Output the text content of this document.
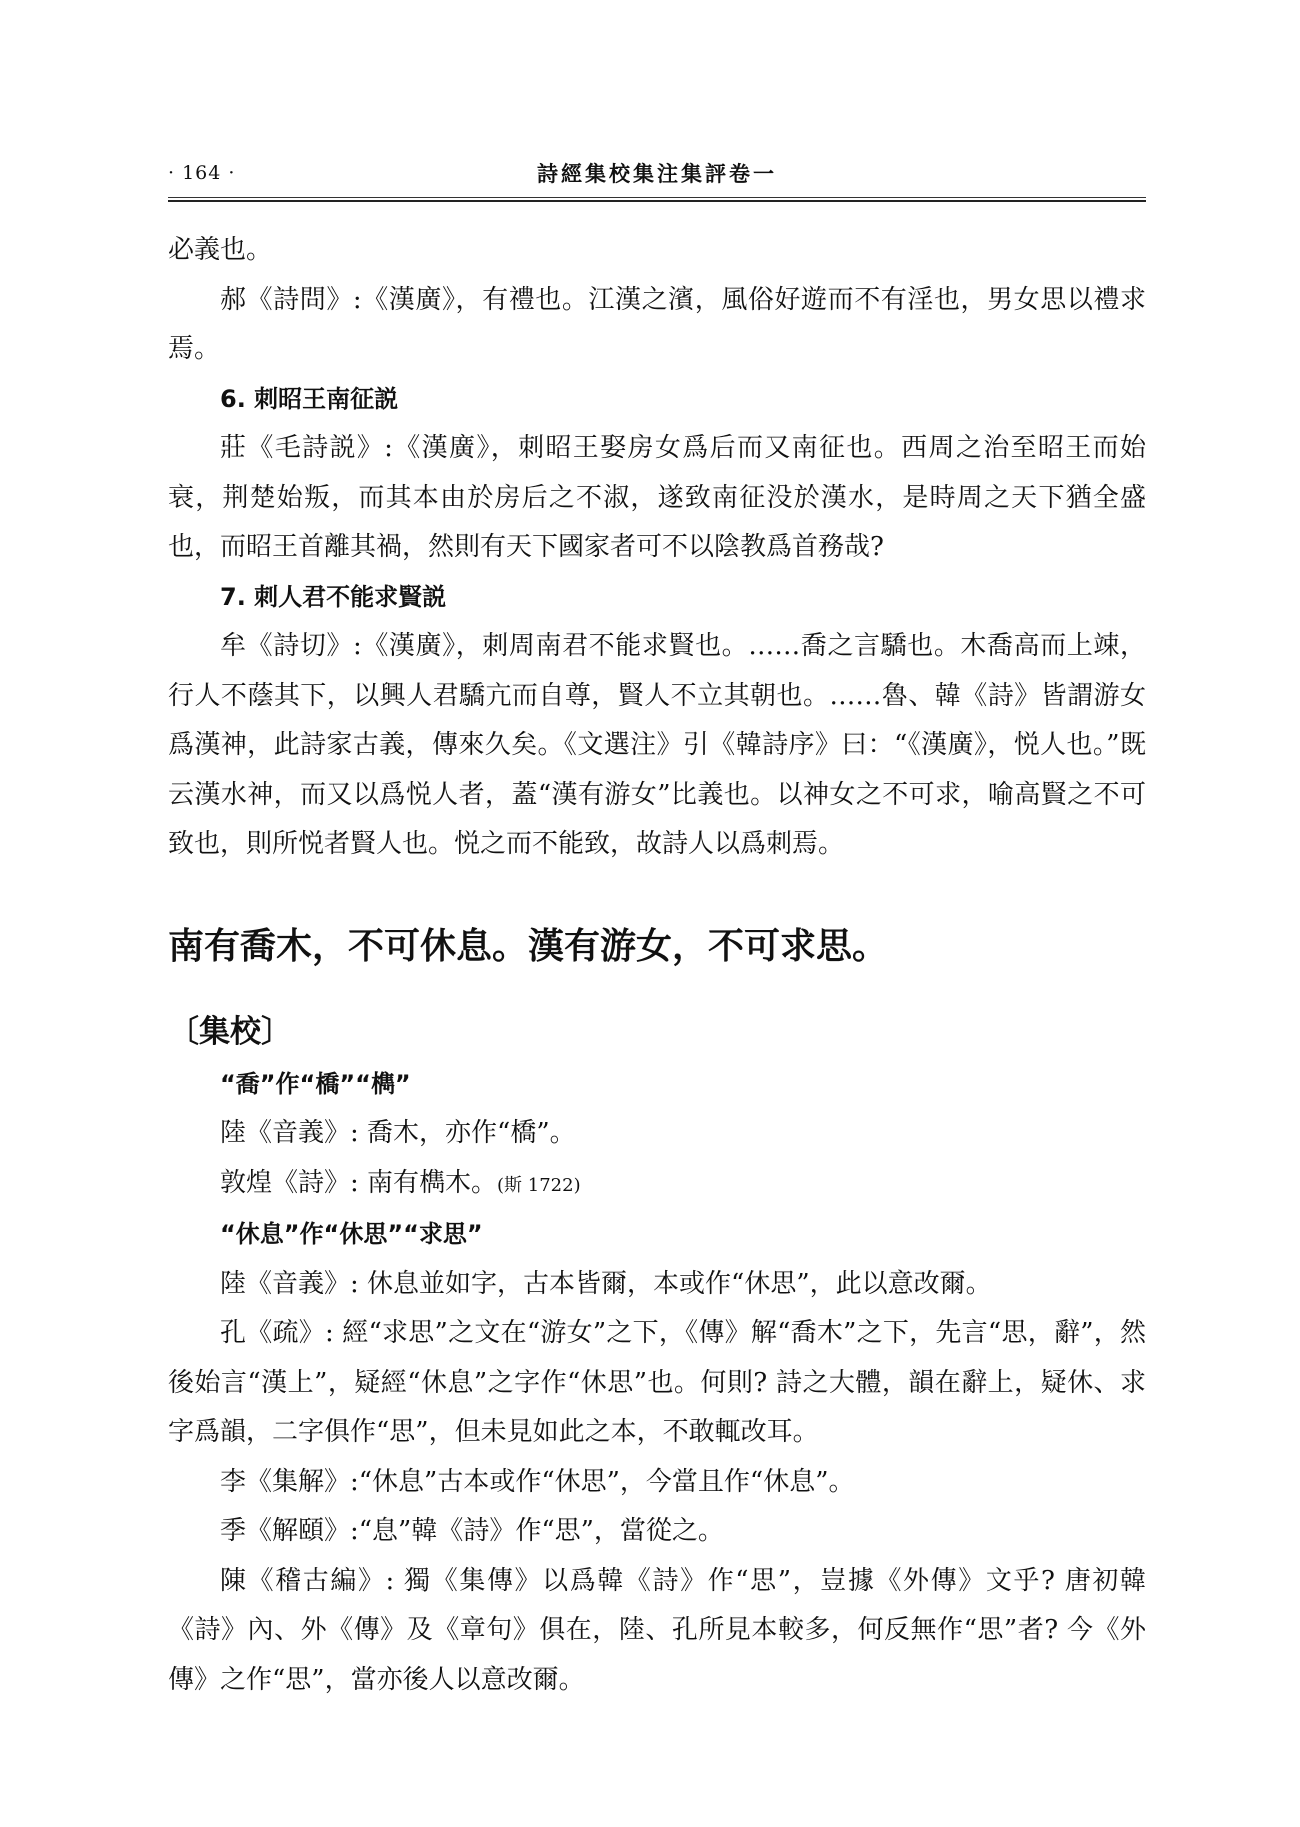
· 164 ·	詩經集校集注集評卷一

必義也。

郝《詩問》:《漢廣》，有禮也。江漢之濱，風俗好遊而不有淫也，男女思以禮求焉。

6. 刺昭王南征説

莊《毛詩説》:《漢廣》，刺昭王娶房女爲后而又南征也。西周之治至昭王而始衰，荆楚始叛，而其本由於房后之不淑，遂致南征没於漢水，是時周之天下猶全盛也，而昭王首離其禍，然則有天下國家者可不以陰教爲首務哉?

7. 刺人君不能求賢説

牟《詩切》:《漢廣》，刺周南君不能求賢也。……喬之言驕也。木喬高而上竦，行人不蔭其下，以興人君驕亢而自尊，賢人不立其朝也。……魯、韓《詩》皆謂游女爲漢神，此詩家古義，傳來久矣。《文選注》引《韓詩序》曰：“《漢廣》，悦人也。”既云漢水神，而又以爲悦人者，蓋“漢有游女”比義也。以神女之不可求，喻高賢之不可致也，則所悦者賢人也。悦之而不能致，故詩人以爲刺焉。

南有喬木，不可休息。漢有游女，不可求思。

〔集校〕

“喬”作“橋”“檇”

陸《音義》: 喬木，亦作“橋”。

敦煌《詩》: 南有檇木。(斯 1722)

“休息”作“休思”“求思”

陸《音義》: 休息並如字，古本皆爾，本或作“休思”，此以意改爾。

孔《疏》: 經“求思”之文在“游女”之下，《傳》解“喬木”之下，先言“思，辭”，然後始言“漢上”，疑經“休息”之字作“休思”也。何則? 詩之大體，韻在辭上，疑休、求字爲韻，二字俱作“思”，但未見如此之本，不敢輒改耳。

李《集解》:“休息”古本或作“休思”，今當且作“休息”。

季《解頤》:“息”韓《詩》作“思”，當從之。

陳《稽古編》: 獨《集傳》以爲韓《詩》作“思”，豈據《外傳》文乎? 唐初韓《詩》內、外《傳》及《章句》俱在，陸、孔所見本較多，何反無作“思”者? 今《外傳》之作“思”，當亦後人以意改爾。
